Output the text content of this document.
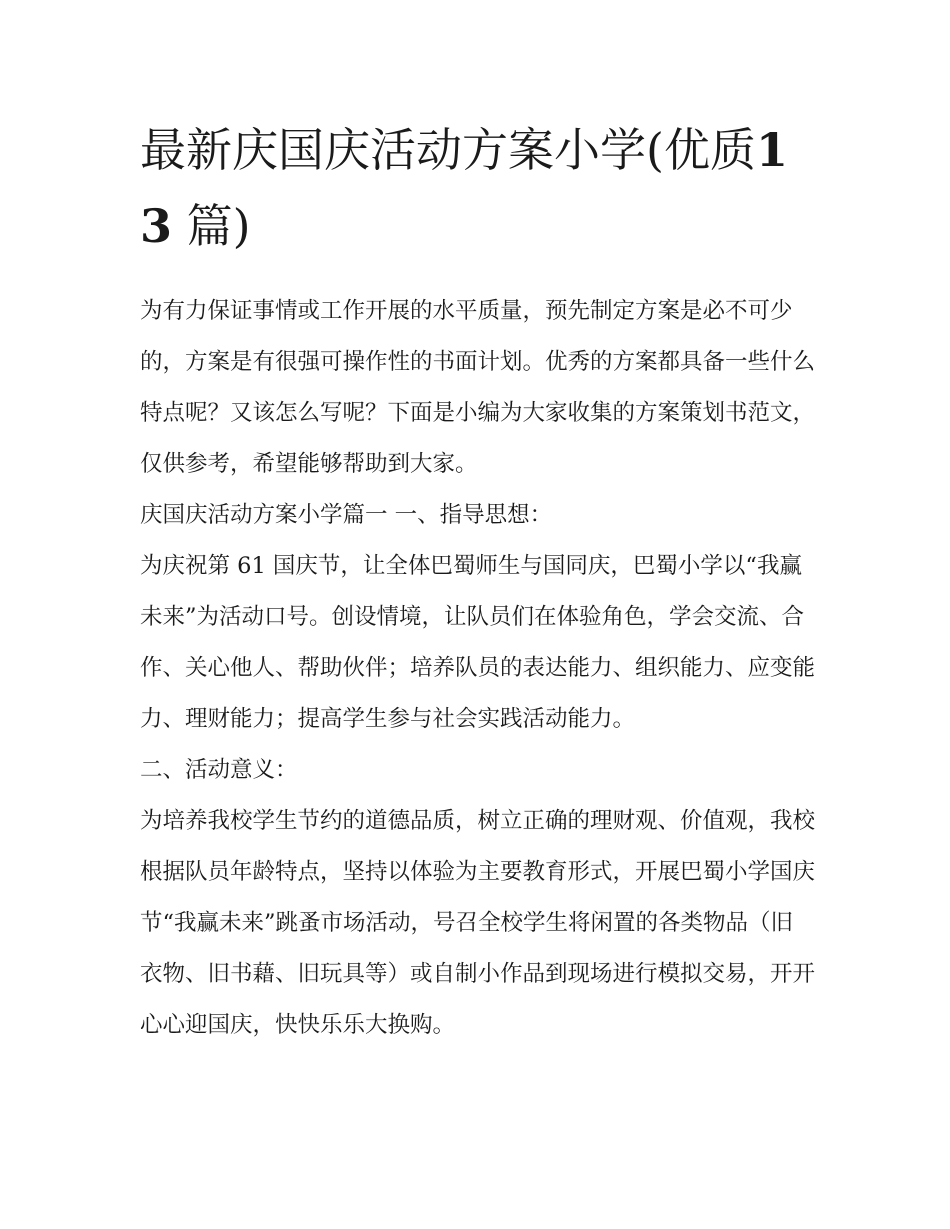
最新庆国庆活动方案小学(优质13 篇)

为有力保证事情或工作开展的水平质量，预先制定方案是必不可少的，方案是有很强可操作性的书面计划。优秀的方案都具备一些什么特点呢？又该怎么写呢？下面是小编为大家收集的方案策划书范文，仅供参考，希望能够帮助到大家。

庆国庆活动方案小学篇一 一、指导思想：

为庆祝第 61 国庆节，让全体巴蜀师生与国同庆，巴蜀小学以“我赢未来”为活动口号。创设情境，让队员们在体验角色，学会交流、合作、关心他人、帮助伙伴；培养队员的表达能力、组织能力、应变能力、理财能力；提高学生参与社会实践活动能力。

二、活动意义：

为培养我校学生节约的道德品质，树立正确的理财观、价值观，我校根据队员年龄特点，坚持以体验为主要教育形式，开展巴蜀小学国庆节“我赢未来”跳蚤市场活动，号召全校学生将闲置的各类物品（旧衣物、旧书藉、旧玩具等）或自制小作品到现场进行模拟交易，开开心心迎国庆，快快乐乐大换购。
